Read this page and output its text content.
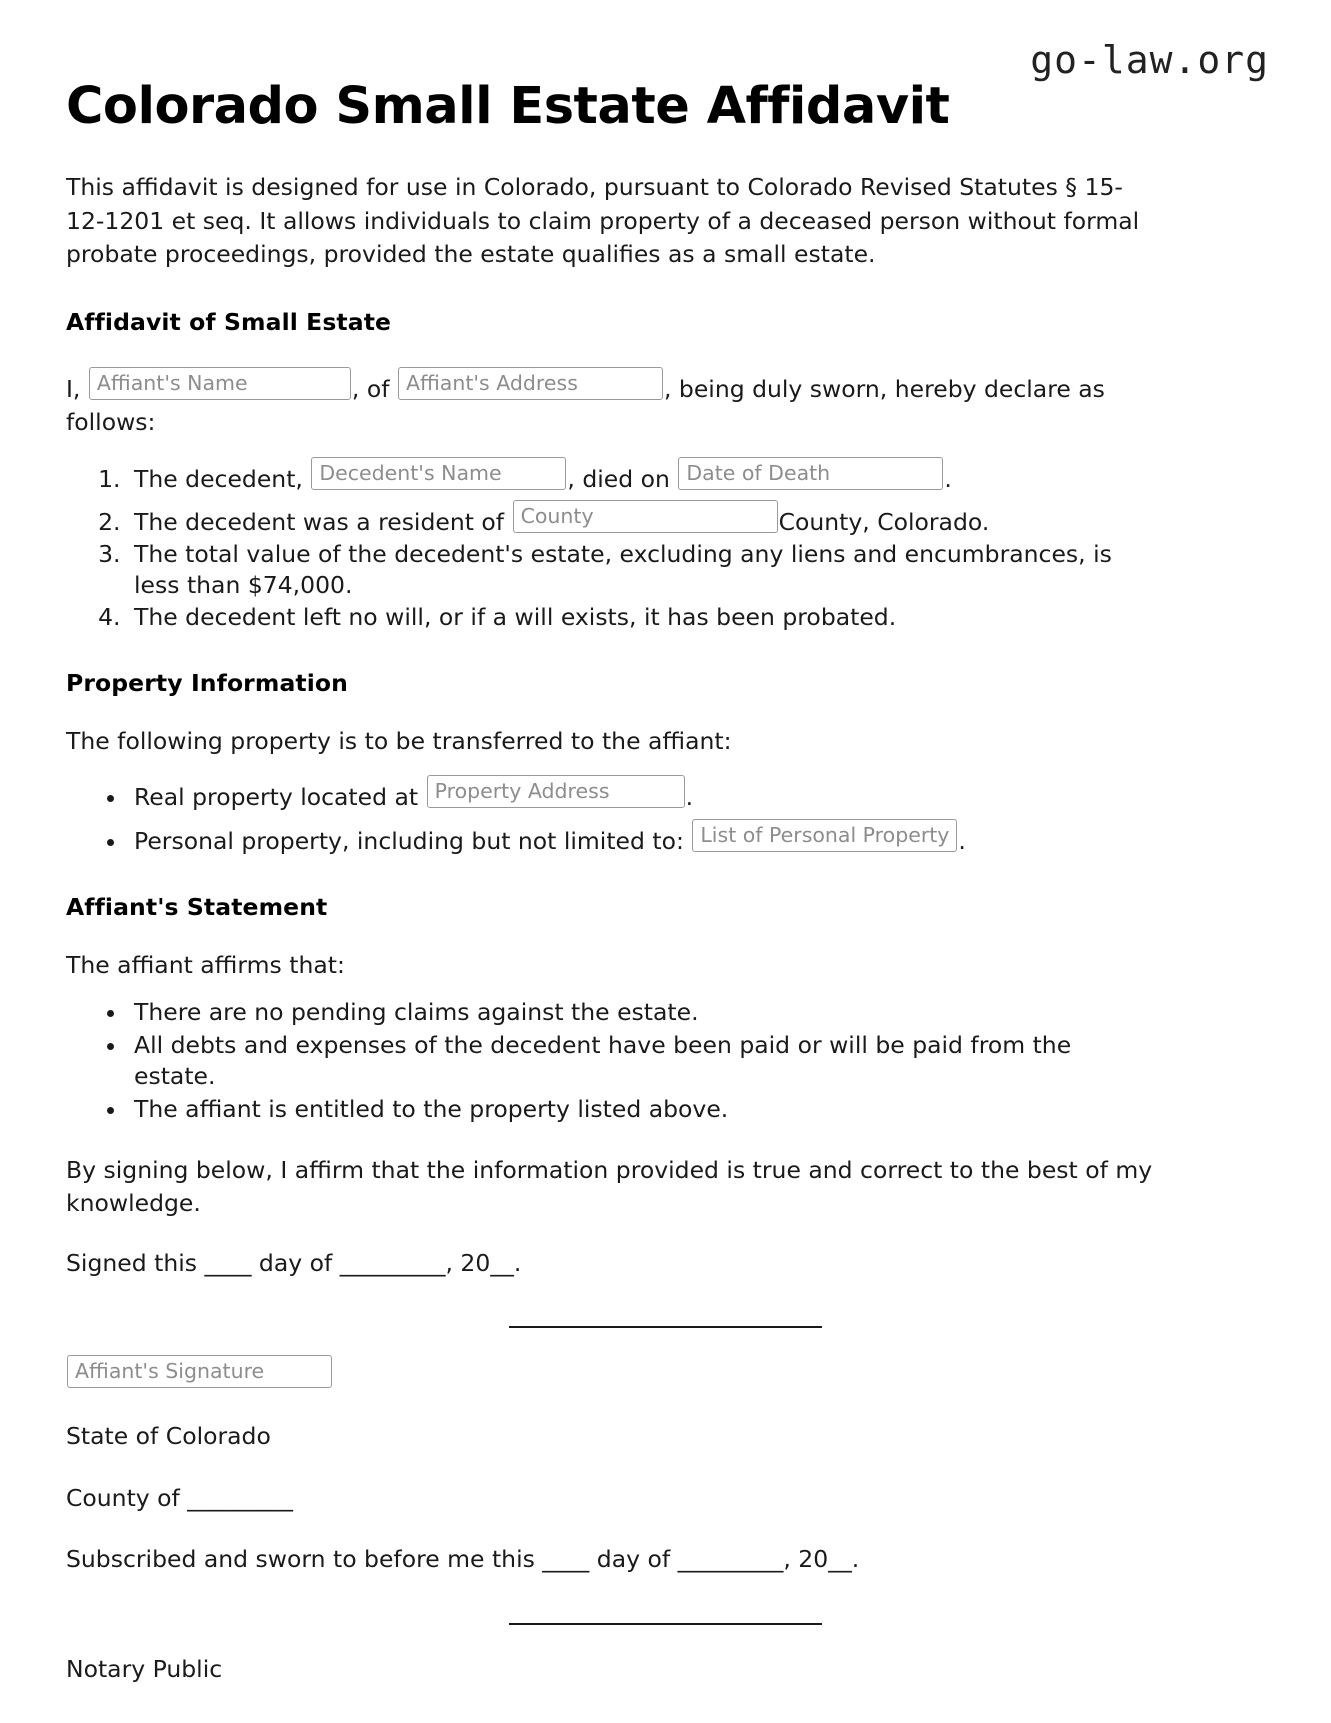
go-law.org
Colorado Small Estate Affidavit

This affidavit is designed for use in Colorado, pursuant to Colorado Revised Statutes § 15-12-1201 et seq. It allows individuals to claim property of a deceased person without formal probate proceedings, provided the estate qualifies as a small estate.

Affidavit of Small Estate

I, Affiant's Name	, of Affiant's Address	, being duly sworn, hereby declare as follows:

1. The decedent, Decedent's Name	, died on Date of Death	.
2. The decedent was a resident of County	County, Colorado.
3. The total value of the decedent's estate, excluding any liens and encumbrances, is less than $74,000.
4. The decedent left no will, or if a will exists, it has been probated.
Property Information

The following property is to be transferred to the affiant:

• Real property located at Property Address	.
• Personal property, including but not limited to: List of Personal Property .
Affiant's Statement

The affiant affirms that:

• There are no pending claims against the estate.
• All debts and expenses of the decedent have been paid or will be paid from the estate.
• The affiant is entitled to the property listed above.

By signing below, I affirm that the information provided is true and correct to the best of my knowledge.

Signed this ____ day of _________, 20__.

Affiant's Signature

State of Colorado

County of _________

Subscribed and sworn to before me this ____ day of _________, 20__.

Notary Public
